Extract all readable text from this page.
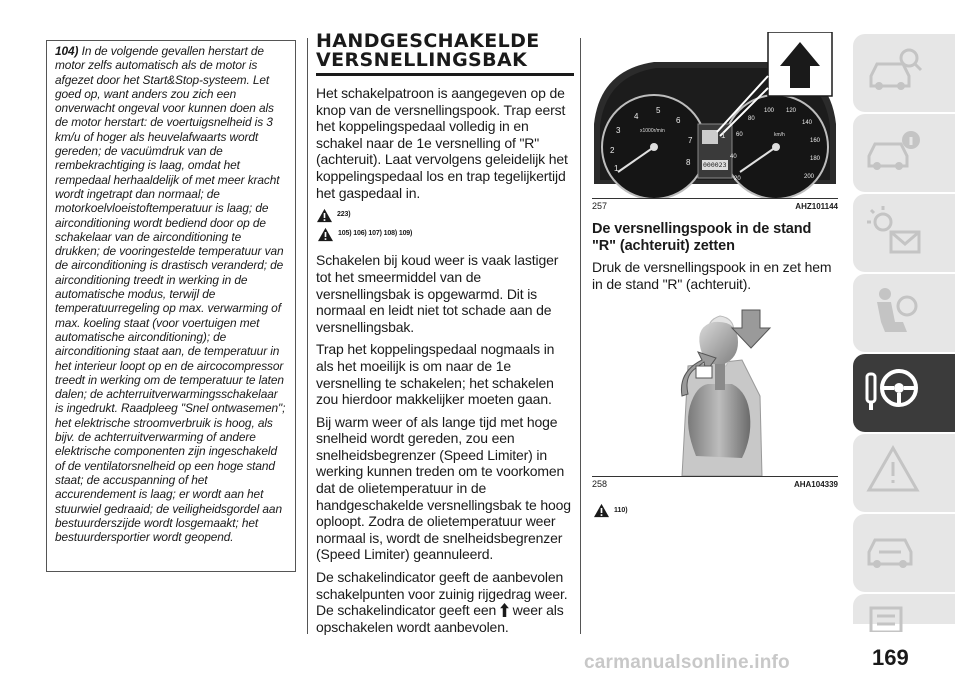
104) In de volgende gevallen herstart de motor zelfs automatisch als de motor is afgezet door het Start&Stop-systeem. Let goed op, want anders zou zich een onverwacht ongeval voor kunnen doen als de motor herstart: de voertuigsnelheid is 3 km/u of hoger als heuvelafwaarts wordt gereden; de vacuümdruk van de rembekrachtiging is laag, omdat het rempedaal herhaaldelijk of met meer kracht wordt ingetrapt dan normaal; de motorkoelvloeistoftemperatuur is laag; de airconditioning wordt bediend door op de schakelaar van de airconditioning te drukken; de vooringestelde temperatuur van de airconditioning is drastisch veranderd; de airconditioning treedt in werking in de automatische modus, terwijl de temperatuurregeling op max. verwarming of max. koeling staat (voor voertuigen met automatische airconditioning); de airconditioning staat aan, de temperatuur in het interieur loopt op en de aircocompressor treedt in werking om de temperatuur te laten dalen; de achterruitverwarmingsschakelaar is ingedrukt. Raadpleeg "Snel ontwasemen"; het elektrische stroomverbruik is hoog, als bijv. de achterruitverwarming of andere elektrische componenten zijn ingeschakeld of de ventilatorsnelheid op een hoge stand staat; de accuspanning of het accurendement is laag; er wordt aan het stuurwiel gedraaid; de veiligheidsgordel aan bestuurderszijde wordt losgemaakt; het bestuurdersportier wordt geopend.

HANDGESCHAKELDE
VERSNELLINGSBAK

Het schakelpatroon is aangegeven op de knop van de versnellingspook. Trap eerst het koppelingspedaal volledig in en schakel naar de 1e versnelling of "R" (achteruit). Laat vervolgens geleidelijk het koppelingspedaal los en trap tegelijkertijd het gaspedaal in.

223)
105) 106) 107) 108) 109)

Schakelen bij koud weer is vaak lastiger tot het smeermiddel van de versnellingsbak is opgewarmd. Dit is normaal en leidt niet tot schade aan de versnellingsbak.

Trap het koppelingspedaal nogmaals in als het moeilijk is om naar de 1e versnelling te schakelen; het schakelen zou hierdoor makkelijker moeten gaan.

Bij warm weer of als lange tijd met hoge snelheid wordt gereden, zou een snelheidsbegrenzer (Speed Limiter) in werking kunnen treden om te voorkomen dat de olietemperatuur in de handgeschakelde versnellingsbak te hoog oploopt. Zodra de olietemperatuur weer normaal is, wordt de snelheidsbegrenzer (Speed Limiter) geannuleerd.

De schakelindicator geeft de aanbevolen schakelpunten voor zuinig rijgedrag weer. De schakelindicator geeft een weer als opschakelen wordt aanbevolen.

x1000r/min
1
2
3
4
5
6
7
8
km/h
20
40
60
80
100 120
140
160
180
200
1
000023
257	AHZ101144
De versnellingspook in de stand "R" (achteruit) zetten
Druk de versnellingspook in en zet hem in de stand "R" (achteruit).
258	AHA104339
110)
169
carmanualsonline.info
